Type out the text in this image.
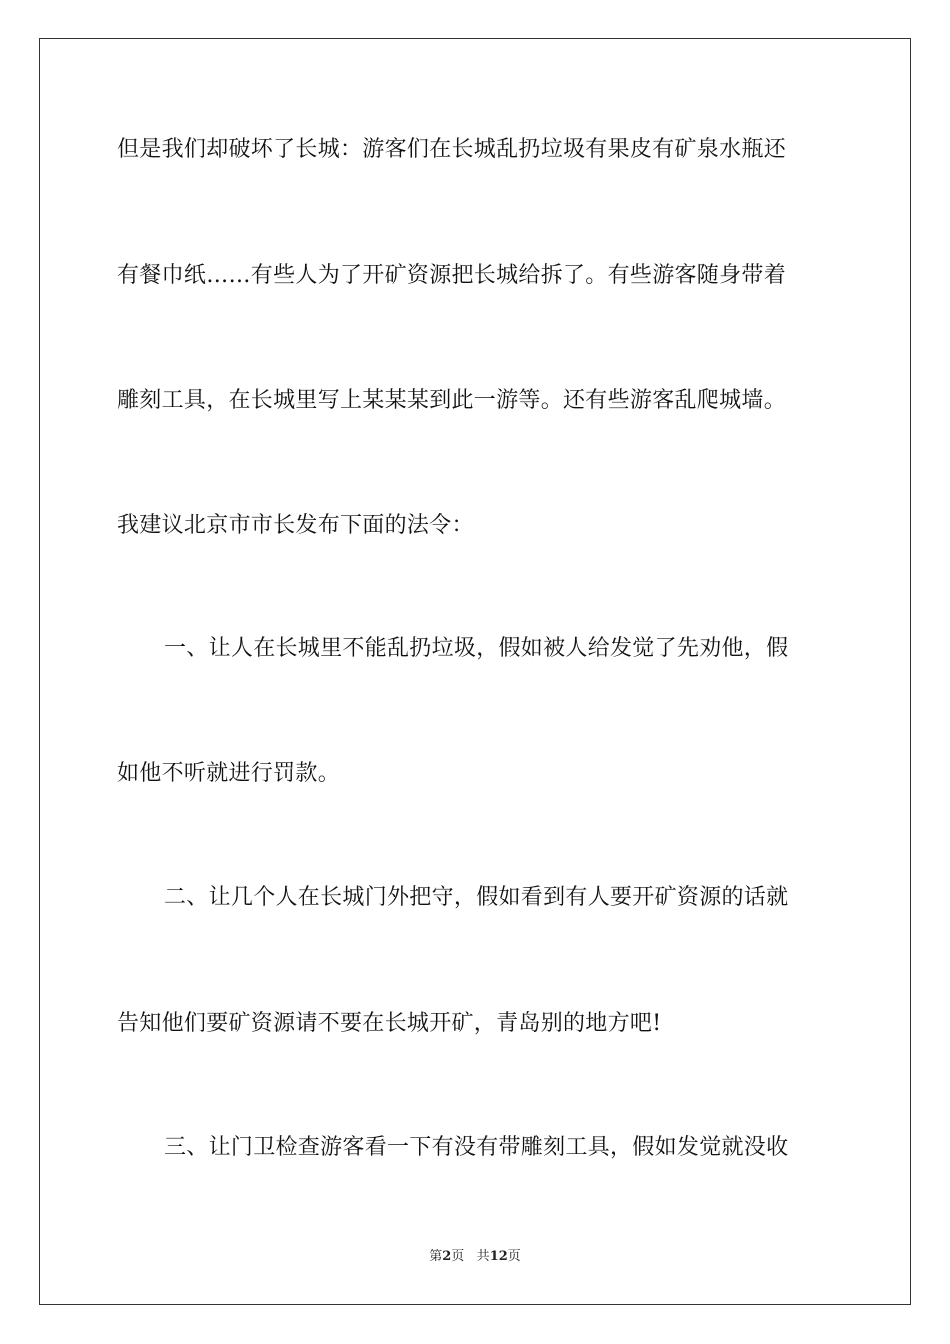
但是我们却破坏了长城：游客们在长城乱扔垃圾有果皮有矿泉水瓶还
有餐巾纸……有些人为了开矿资源把长城给拆了。有些游客随身带着
雕刻工具，在长城里写上某某某到此一游等。还有些游客乱爬城墙。
我建议北京市市长发布下面的法令：
一、让人在长城里不能乱扔垃圾，假如被人给发觉了先劝他，假
如他不听就进行罚款。
二、让几个人在长城门外把守，假如看到有人要开矿资源的话就
告知他们要矿资源请不要在长城开矿，青岛别的地方吧!
三、让门卫检查游客看一下有没有带雕刻工具，假如发觉就没收
第2页 共12页
